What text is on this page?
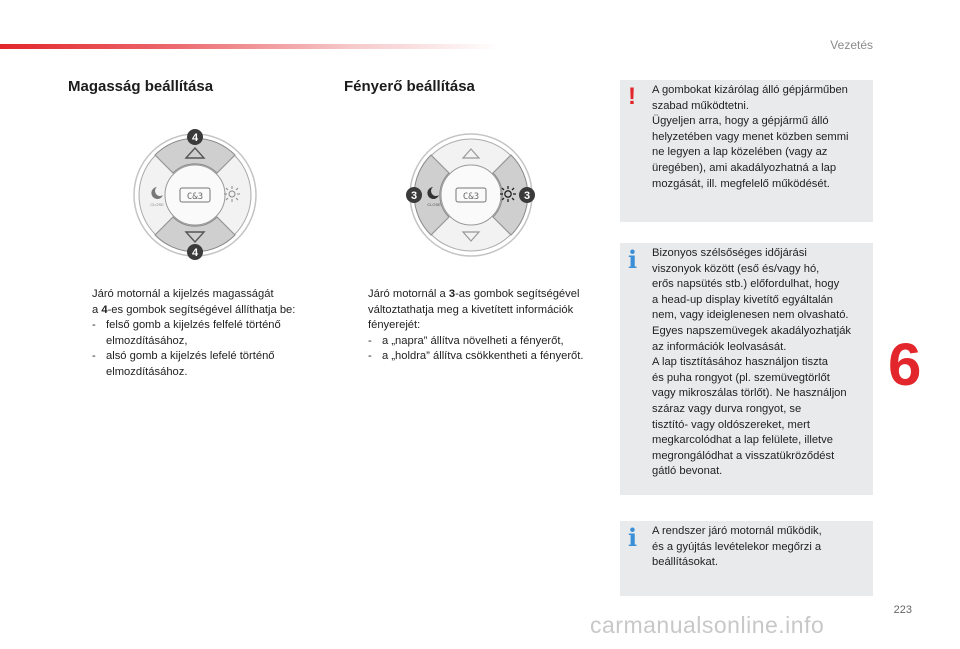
Vezetés
Magasság beállítása
C&3
CLOSE
4
4
Járó motornál a kijelzés magasságát
a 4-es gombok segítségével állíthatja be:
- felső gomb a kijelzés felfelé történő
elmozdításához,
- alsó gomb a kijelzés lefelé történő
elmozdításához.
Fényerő beállítása
C&3
CLOSE
3	3
Járó motornál a 3-as gombok segítségével
változtathatja meg a kivetített információk
fényerejét:
- a „napra” állítva növelheti a fényerőt,
- a „holdra” állítva csökkentheti a fényerőt.
! A gombokat kizárólag álló gépjárműben
szabad működtetni.
Ügyeljen arra, hogy a gépjármű álló
helyzetében vagy menet közben semmi
ne legyen a lap közelében (vagy az
üregében), ami akadályozhatná a lap
mozgását, ill. megfelelő működését.

i Bizonyos szélsőséges időjárási
viszonyok között (eső és/vagy hó,
erős napsütés stb.) előfordulhat, hogy
a head-up display kivetítő egyáltalán
nem, vagy ideiglenesen nem olvasható.
Egyes napszemüvegek akadályozhatják
az információk leolvasását.
A lap tisztításához használjon tiszta
és puha rongyot (pl. szemüvegtörlőt
vagy mikroszálas törlőt). Ne használjon
száraz vagy durva rongyot, se
tisztító- vagy oldószereket, mert
megkarcolódhat a lap felülete, illetve
megrongálódhat a visszatükröződést
gátló bevonat.

i A rendszer járó motornál működik,
és a gyújtás levételekor megőrzi a
beállításokat.

6
223
carmanualsonline.info
